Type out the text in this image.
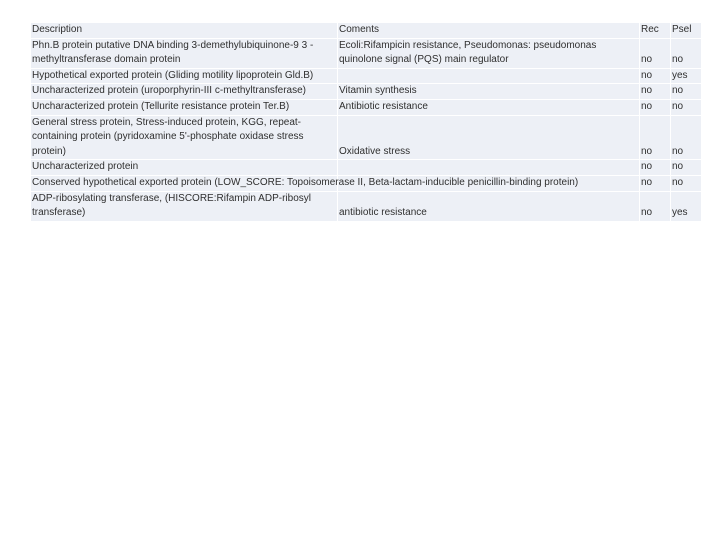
Description	Coments	Rec	Psel
Phn.B protein putative DNA binding 3-demethylubiquinone-9 3 -methyltransferase domain protein	Ecoli:Rifampicin resistance, Pseudomonas: pseudomonas quinolone signal (PQS) main regulator	no	no
Hypothetical exported protein (Gliding motility lipoprotein Gld.B)		no	yes
Uncharacterized protein (uroporphyrin-III c-methyltransferase)	Vitamin synthesis	no	no
Uncharacterized protein (Tellurite resistance protein Ter.B)	Antibiotic resistance	no	no
General stress protein, Stress-induced protein, KGG, repeat-containing protein (pyridoxamine 5'-phosphate oxidase stress protein)	Oxidative stress	no	no
Uncharacterized protein		no	no
Conserved hypothetical exported protein (LOW_SCORE: Topoisomerase II, Beta-lactam-inducible penicillin-binding protein)		no	no
ADP-ribosylating transferase, (HISCORE:Rifampin ADP-ribosyl transferase)	antibiotic resistance	no	yes
